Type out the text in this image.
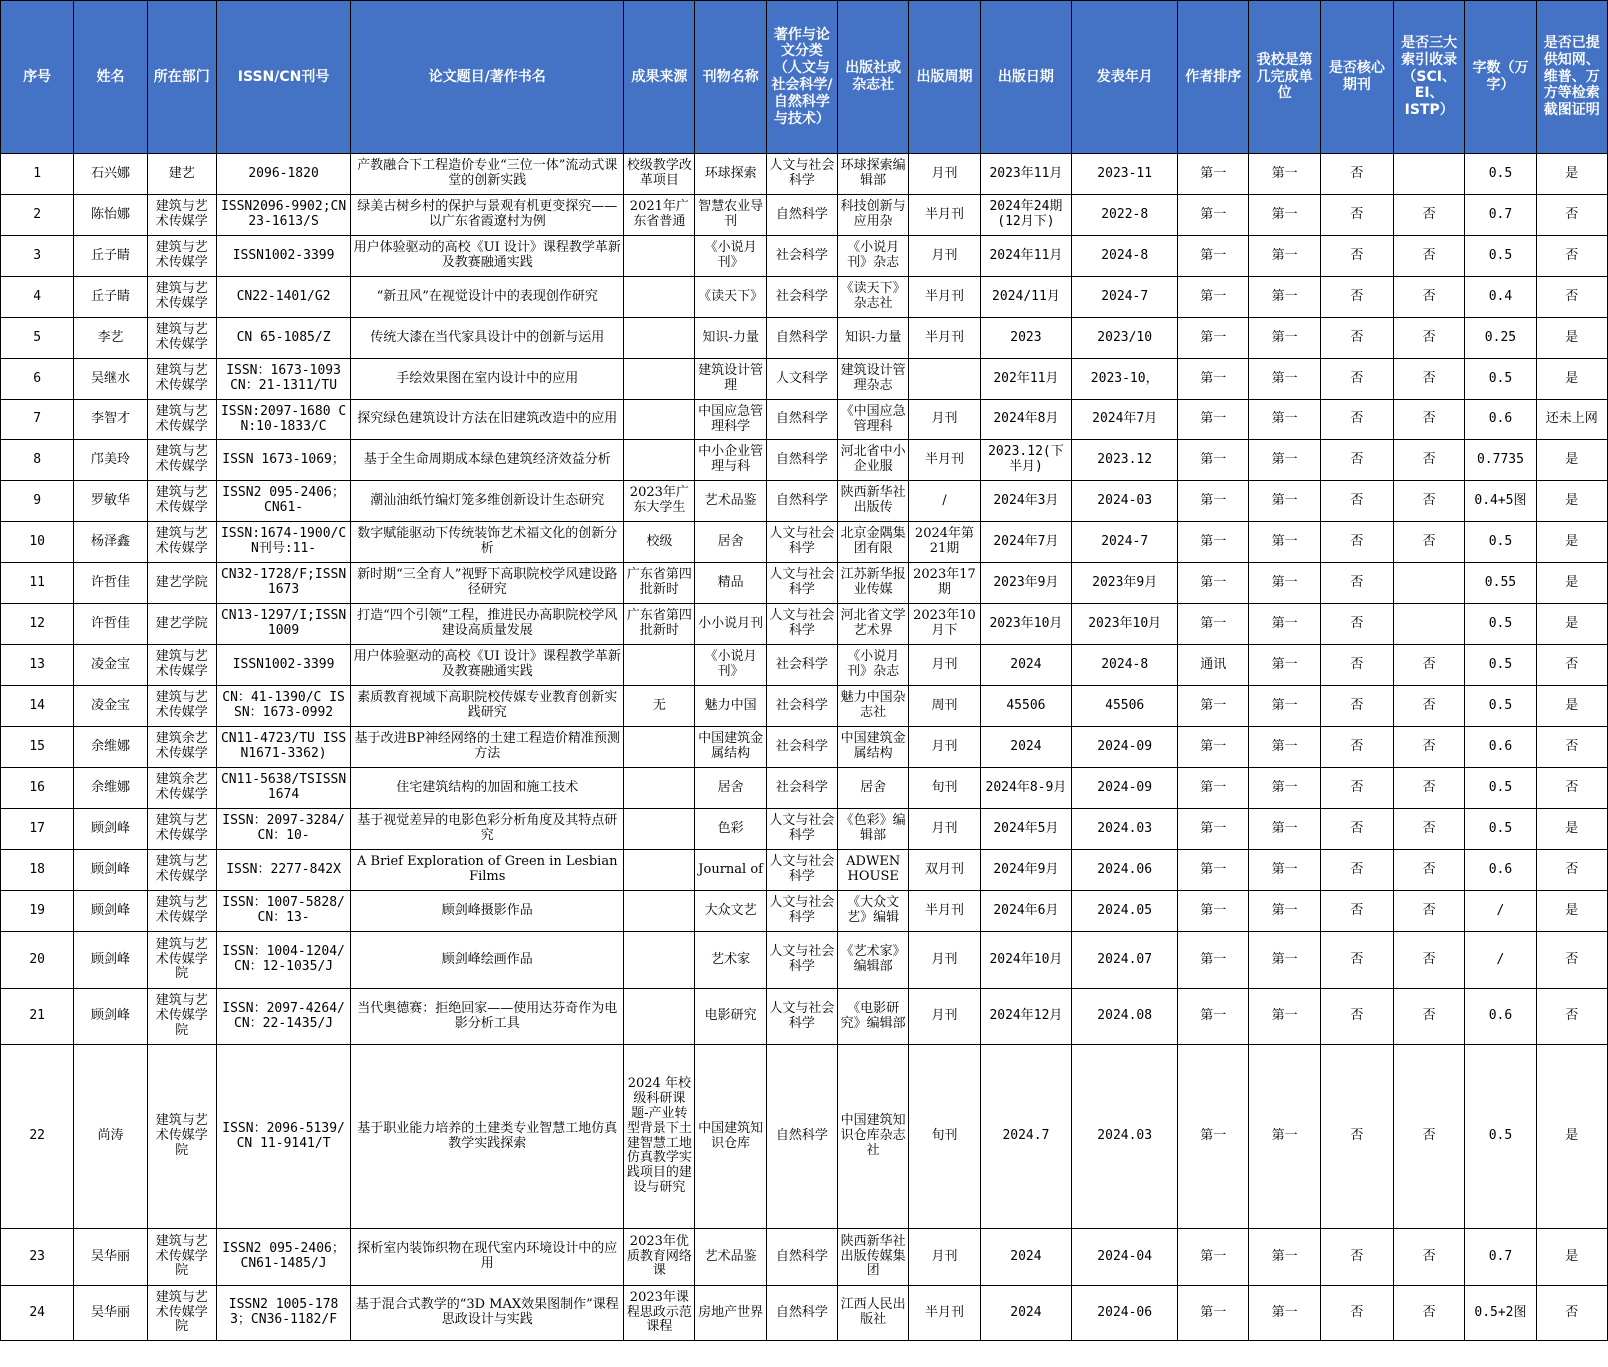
序号	姓名	所在部门	ISSN/CN刊号	论文题目/著作书名	成果来源	刊物名称	著作与论文分类（人文与社会科学/自然科学与技术）	出版社或杂志社	出版周期	出版日期	发表年月	作者排序	我校是第几完成单位	是否核心期刊	是否三大索引收录（SCI、EI、ISTP）	字数（万字）	是否已提供知网、维普、万方等检索截图证明
1	石兴娜	建艺	2096-1820	产教融合下工程造价专业“三位一体”流动式课堂的创新实践	校级教学改革项目	环球探索	人文与社会科学	环球探索编辑部	月刊	2023年11月	2023-11	第一	第一	否		0.5	是
2	陈怡娜	建筑与艺术传媒学	ISSN2096-9902;CN23-1613/S	绿美古树乡村的保护与景观有机更变探究——以广东省霞遼村为例	2021年广东省普通	智慧农业导刊	自然科学	科技创新与应用杂	半月刊	2024年24期(12月下)	2022-8	第一	第一	否	否	0.7	否
3	丘子睛	建筑与艺术传媒学	ISSN1002-3399	用户体验驱动的高校《UI 设计》课程教学革新及教赛融通实践		《小说月刊》	社会科学	《小说月刊》杂志	月刊	2024年11月	2024-8	第一	第一	否	否	0.5	否
4	丘子睛	建筑与艺术传媒学	CN22-1401/G2	“新丑风”在视觉设计中的表现创作研究		《读天下》	社会科学	《读天下》杂志社	半月刊	2024/11月	2024-7	第一	第一	否	否	0.4	否
5	李艺	建筑与艺术传媒学	CN 65-1085/Z	传统大漆在当代家具设计中的创新与运用		知识-力量	自然科学	知识-力量	半月刊	2023	2023/10	第一	第一	否	否	0.25	是
6	吴继水	建筑与艺术传媒学	ISSN：1673-1093 CN：21-1311/TU	手绘效果图在室内设计中的应用		建筑设计管理	人文科学	建筑设计管理杂志		202年11月	2023-10，	第一	第一	否	否	0.5	是
7	李智才	建筑与艺术传媒学	ISSN:2097-1680 CN:10-1833/C	探究绿色建筑设计方法在旧建筑改造中的应用		中国应急管理科学	自然科学	《中国应急管理科	月刊	2024年8月	2024年7月	第一	第一	否	否	0.6	还未上网
8	邝美玲	建筑与艺术传媒学	ISSN 1673-1069；	基于全生命周期成本绿色建筑经济效益分析		中小企业管理与科	自然科学	河北省中小企业服	半月刊	2023.12(下半月)	2023.12	第一	第一	否	否	0.7735	是
9	罗敏华	建筑与艺术传媒学	ISSN2 095-2406；CN61-	潮汕油纸竹编灯笼多维创新设计生态研究	2023年广东大学生	艺术品鉴	自然科学	陕西新华社出版传	/	2024年3月	2024-03	第一	第一	否	否	0.4+5图	是
10	杨泽鑫	建筑与艺术传媒学	ISSN:1674-1900/CN刊号:11-	数字赋能驱动下传统装饰艺术福文化的创新分析	校级	居舍	人文与社会科学	北京金隅集团有限	2024年第21期	2024年7月	2024-7	第一	第一	否	否	0.5	是
11	许哲佳	建艺学院	CN32-1728/F;ISSN1673	新时期“三全育人”视野下高职院校学风建设路径研究	广东省第四批新时	精品	人文与社会科学	江苏新华报业传媒	2023年17期	2023年9月	2023年9月	第一	第一	否		0.55	是
12	许哲佳	建艺学院	CN13-1297/I;ISSN1009	打造“四个引领”工程，推进民办高职院校学风建设高质量发展	广东省第四批新时	小小说月刊	人文与社会科学	河北省文学艺术界	2023年10月下	2023年10月	2023年10月	第一	第一	否		0.5	是
13	凌金宝	建筑与艺术传媒学	ISSN1002-3399	用户体验驱动的高校《UI 设计》课程教学革新及教赛融通实践		《小说月刊》	社会科学	《小说月刊》杂志	月刊	2024	2024-8	通讯	第一	否	否	0.5	否
14	凌金宝	建筑与艺术传媒学	CN：41-1390/C ISSN：1673-0992	素质教育视域下高职院校传媒专业教育创新实践研究	无	魅力中国	社会科学	魅力中国杂志社	周刊	45506	45506	第一	第一	否	否	0.5	是
15	余维娜	建筑余艺术传媒学	CN11-4723/TU ISSN1671-3362)	基于改进BP神经网络的土建工程造价精准预测方法		中国建筑金属结构	社会科学	中国建筑金属结构	月刊	2024	2024-09	第一	第一	否	否	0.6	否
16	余维娜	建筑余艺术传媒学	CN11-5638/TSISSN1674	住宅建筑结构的加固和施工技术		居舍	社会科学	居舍	旬刊	2024年8-9月	2024-09	第一	第一	否	否	0.5	否
17	顾剑峰	建筑与艺术传媒学	ISSN：2097-3284/CN：10-	基于视觉差异的电影色彩分析角度及其特点研究		色彩	人文与社会科学	《色彩》编辑部	月刊	2024年5月	2024.03	第一	第一	否	否	0.5	是
18	顾剑峰	建筑与艺术传媒学	ISSN：2277-842X	A Brief Exploration of Green in Lesbian Films		Journal of	人文与社会科学	ADWEN HOUSE	双月刊	2024年9月	2024.06	第一	第一	否	否	0.6	否
19	顾剑峰	建筑与艺术传媒学	ISSN：1007-5828/CN：13-	顾剑峰摄影作品		大众文艺	人文与社会科学	《大众文艺》编辑	半月刊	2024年6月	2024.05	第一	第一	否	否	/	是
20	顾剑峰	建筑与艺术传媒学院	ISSN：1004-1204/CN：12-1035/J	顾剑峰绘画作品		艺术家	人文与社会科学	《艺术家》编辑部	月刊	2024年10月	2024.07	第一	第一	否	否	/	否
21	顾剑峰	建筑与艺术传媒学院	ISSN：2097-4264/CN：22-1435/J	当代奥德赛：拒绝回家——使用达芬奇作为电影分析工具		电影研究	人文与社会科学	《电影研究》编辑部	月刊	2024年12月	2024.08	第一	第一	否	否	0.6	否
22	尚涛	建筑与艺术传媒学院	ISSN：2096-5139/ CN 11-9141/T	基于职业能力培养的土建类专业智慧工地仿真教学实践探索	2024 年校级科研课题-产业转型背景下土建智慧工地仿真教学实践项目的建设与研究	中国建筑知识仓库	自然科学	中国建筑知识仓库杂志社	旬刊	2024.7	2024.03	第一	第一	否	否	0.5	是
23	吴华丽	建筑与艺术传媒学院	ISSN2 095-2406；CN61-1485/J	探析室内装饰织物在现代室内环境设计中的应用	2023年优质教育网络课	艺术品鉴	自然科学	陕西新华社出版传媒集团	月刊	2024	2024-04	第一	第一	否	否	0.7	是
24	吴华丽	建筑与艺术传媒学院	ISSN2 1005-1783；CN36-1182/F	基于混合式教学的“3D MAX效果图制作”课程思政设计与实践	2023年课程思政示范课程	房地产世界	自然科学	江西人民出版社	半月刊	2024	2024-06	第一	第一	否	否	0.5+2图	否
